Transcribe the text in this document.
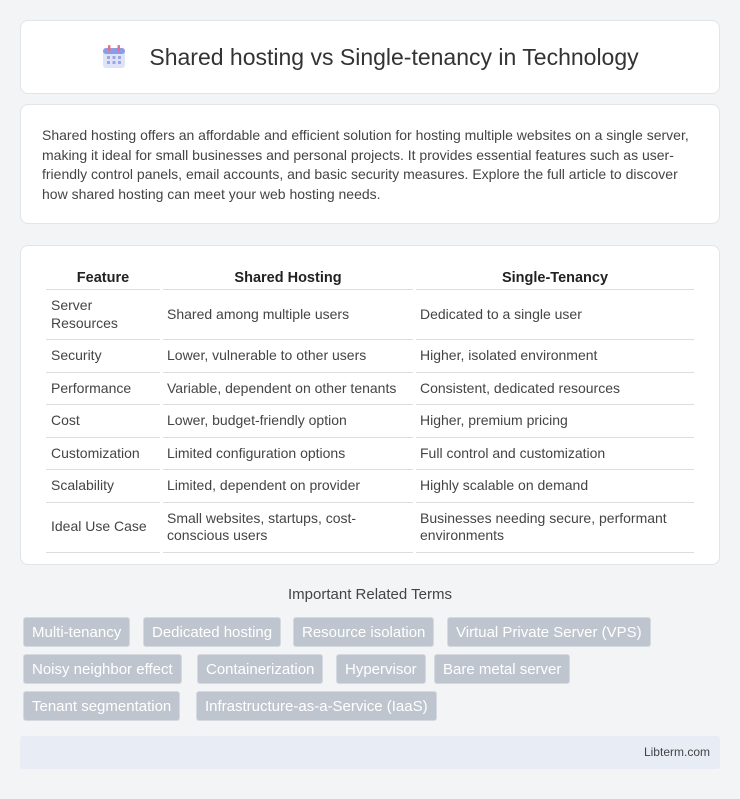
Shared hosting vs Single-tenancy in Technology

Shared hosting offers an affordable and efficient solution for hosting multiple websites on a single server, making it ideal for small businesses and personal projects. It provides essential features such as user-friendly control panels, email accounts, and basic security measures. Explore the full article to discover how shared hosting can meet your web hosting needs.

Feature	Shared Hosting	Single-Tenancy
Server Resources	Shared among multiple users	Dedicated to a single user
Security	Lower, vulnerable to other users	Higher, isolated environment
Performance	Variable, dependent on other tenants	Consistent, dedicated resources
Cost	Lower, budget-friendly option	Higher, premium pricing
Customization	Limited configuration options	Full control and customization
Scalability	Limited, dependent on provider	Highly scalable on demand
Ideal Use Case	Small websites, startups, cost-conscious users	Businesses needing secure, performant environments
Important Related Terms
Multi-tenancy	Dedicated hosting	Resource isolation	Virtual Private Server (VPS)
Noisy neighbor effect	Containerization	Hypervisor	Bare metal server
Tenant segmentation	Infrastructure-as-a-Service (IaaS)
Libterm.com
